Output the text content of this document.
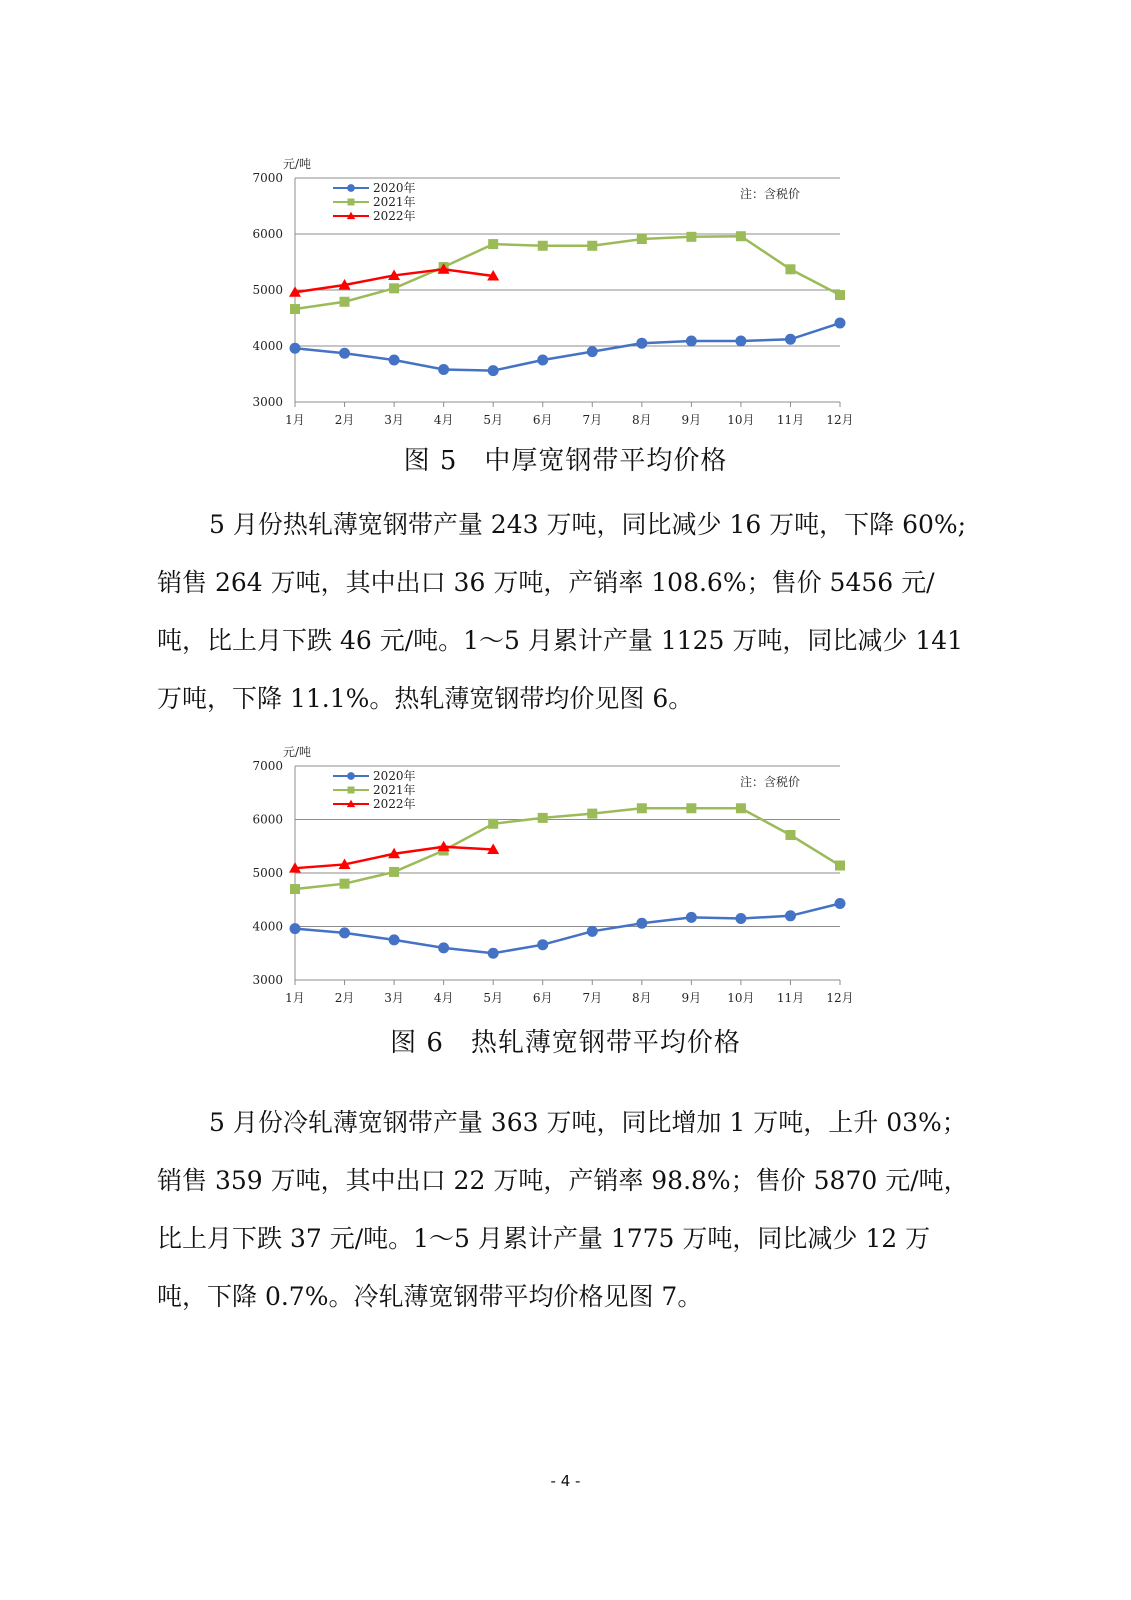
3000
4000
5000
6000
7000
1月 2月 3月 4月 5月 6月 7月 8月 9月 10月 11月 12月
元/吨
注：含税价
2020年
2021年
2022年
图 5　中厚宽钢带平均价格

5 月份热轧薄宽钢带产量 243 万吨，同比减少 16 万吨，下降 60%;销售 264 万吨，其中出口 36 万吨，产销率 108.6%；售价 5456 元/吨，比上月下跌 46 元/吨。1～5 月累计产量 1125 万吨，同比减少 141 万吨，下降 11.1%。热轧薄宽钢带均价见图 6。

3000
4000
5000
6000
7000
1月 2月 3月 4月 5月 6月 7月 8月 9月 10月 11月 12月
元/吨
注：含税价
2020年
2021年
2022年
图 6　热轧薄宽钢带平均价格

5 月份冷轧薄宽钢带产量 363 万吨，同比增加 1 万吨，上升 03%；销售 359 万吨，其中出口 22 万吨，产销率 98.8%；售价 5870 元/吨，比上月下跌 37 元/吨。1～5 月累计产量 1775 万吨，同比减少 12 万吨，下降 0.7%。冷轧薄宽钢带平均价格见图 7。

- 4 -
